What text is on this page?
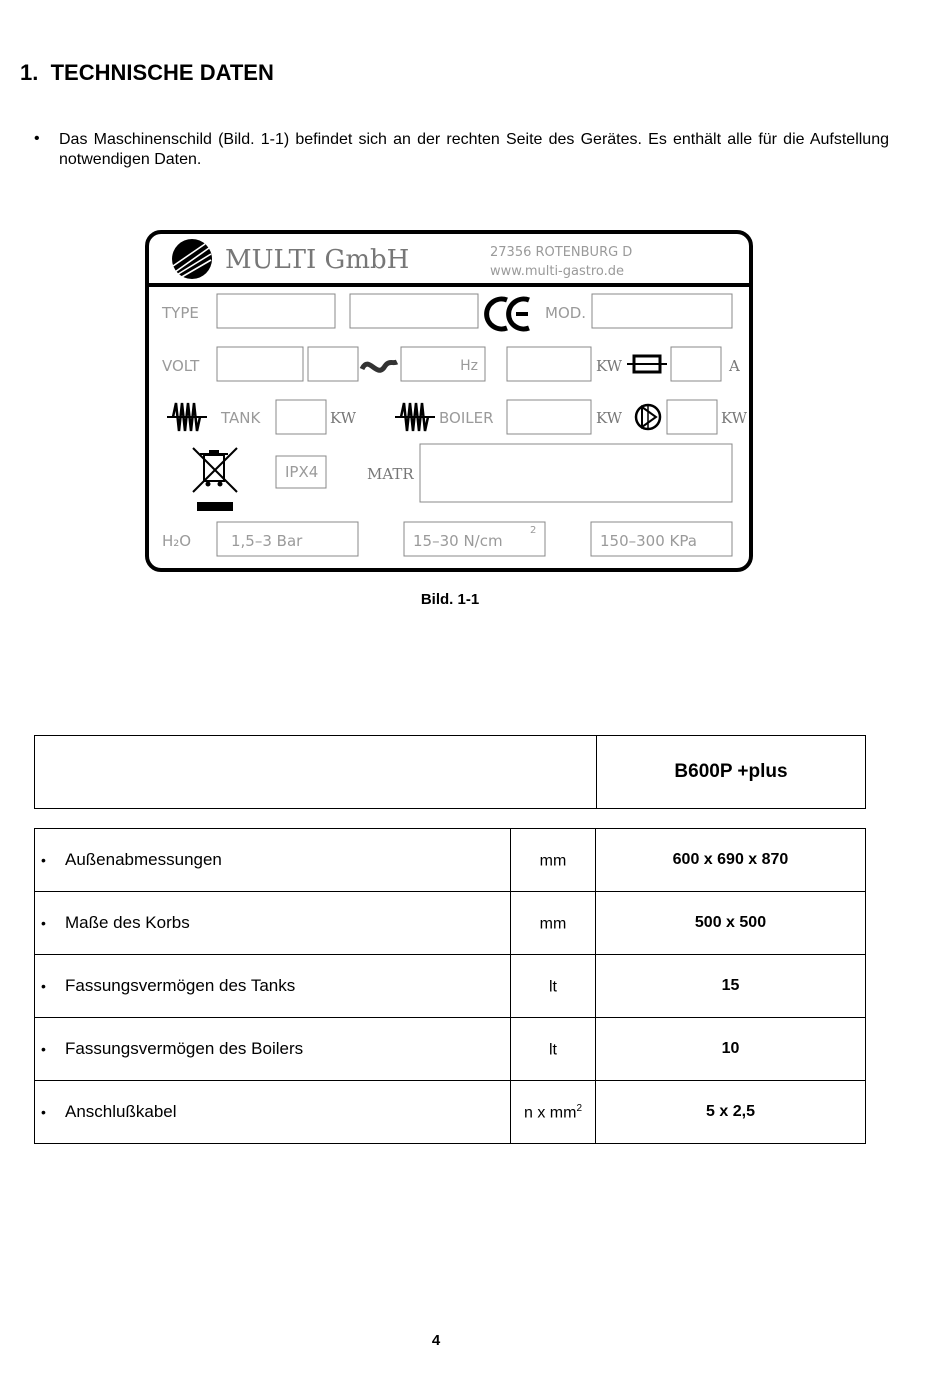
1. TECHNISCHE DATEN
• Das Maschinenschild (Bild. 1-1) befindet sich an der rechten Seite des Gerätes. Es enthält alle für die Aufstellung notwendigen Daten.
MULTI GmbH	27356 ROTENBURG D
www.multi-gastro.de
TYPE	MOD.
VOLT	Hz	KW	A
TANK	KW	BOILER	KW	KW
IPX4	MATR
H₂O	1,5–3 Bar	15–30 N/cm
2
150–300 KPa
Bild. 1-1
	B600P +plus
• Außenabmessungen	mm	600 x 690 x 870

• Maße des Korbs	mm	500 x 500

• Fassungsvermögen des Tanks	lt	15

• Fassungsvermögen des Boilers	lt	10

• Anschlußkabel	n x $mm^2$	5 x 2,5
4
